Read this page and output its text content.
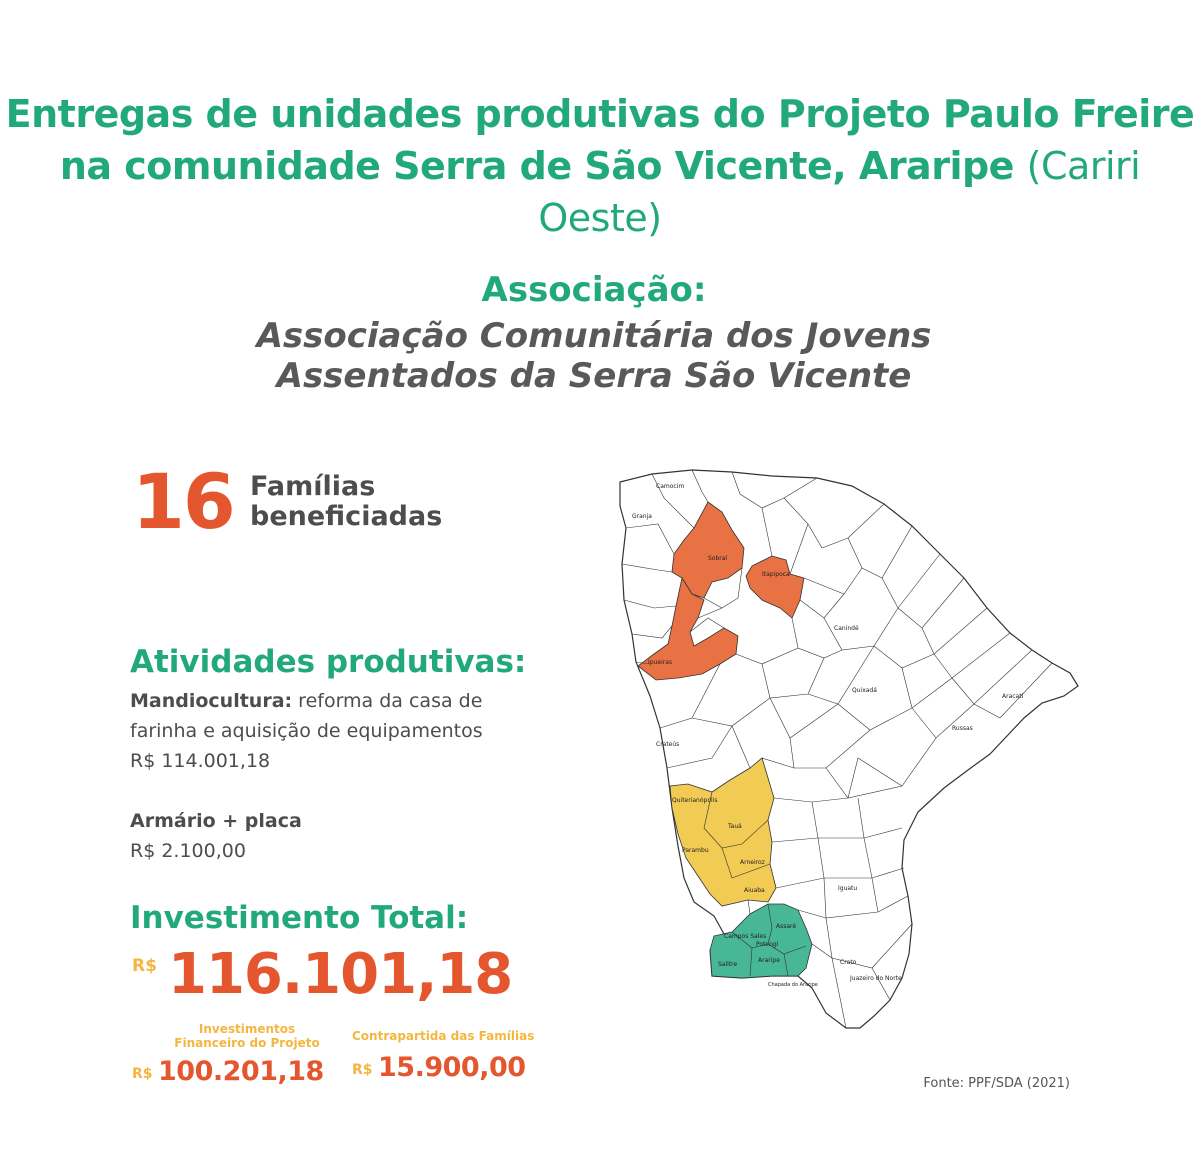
Entregas de unidades produtivas do Projeto Paulo Freire na comunidade Serra de São Vicente, Araripe (Cariri Oeste)
Associação:
Associação Comunitária dos Jovens
Assentados da Serra São Vicente
16 Famílias
beneficiadas
Atividades produtivas:
Mandiocultura: reforma da casa de farinha e aquisição de equipamentos
R$ 114.001,18
Armário + placa
R$ 2.100,00
Investimento Total:
R$ 116.101,18
Investimentos
Financeiro do Projeto
R$ 100.201,18
Contrapartida das Famílias
R$ 15.900,00
Itapipoca
Ipueiras
Sobral
Tauá
Parambu
Arneiroz
Aiuaba
Quiterianópolis
Campos Sales
Salitre
Araripe
Potengi
Assaré
Crato
Juazeiro do Norte
Iguatu
Crateús
Canindé
Quixadá
Russas
Aracati
Granja
Camocim
Chapada do Araripe
Fonte: PPF/SDA (2021)
